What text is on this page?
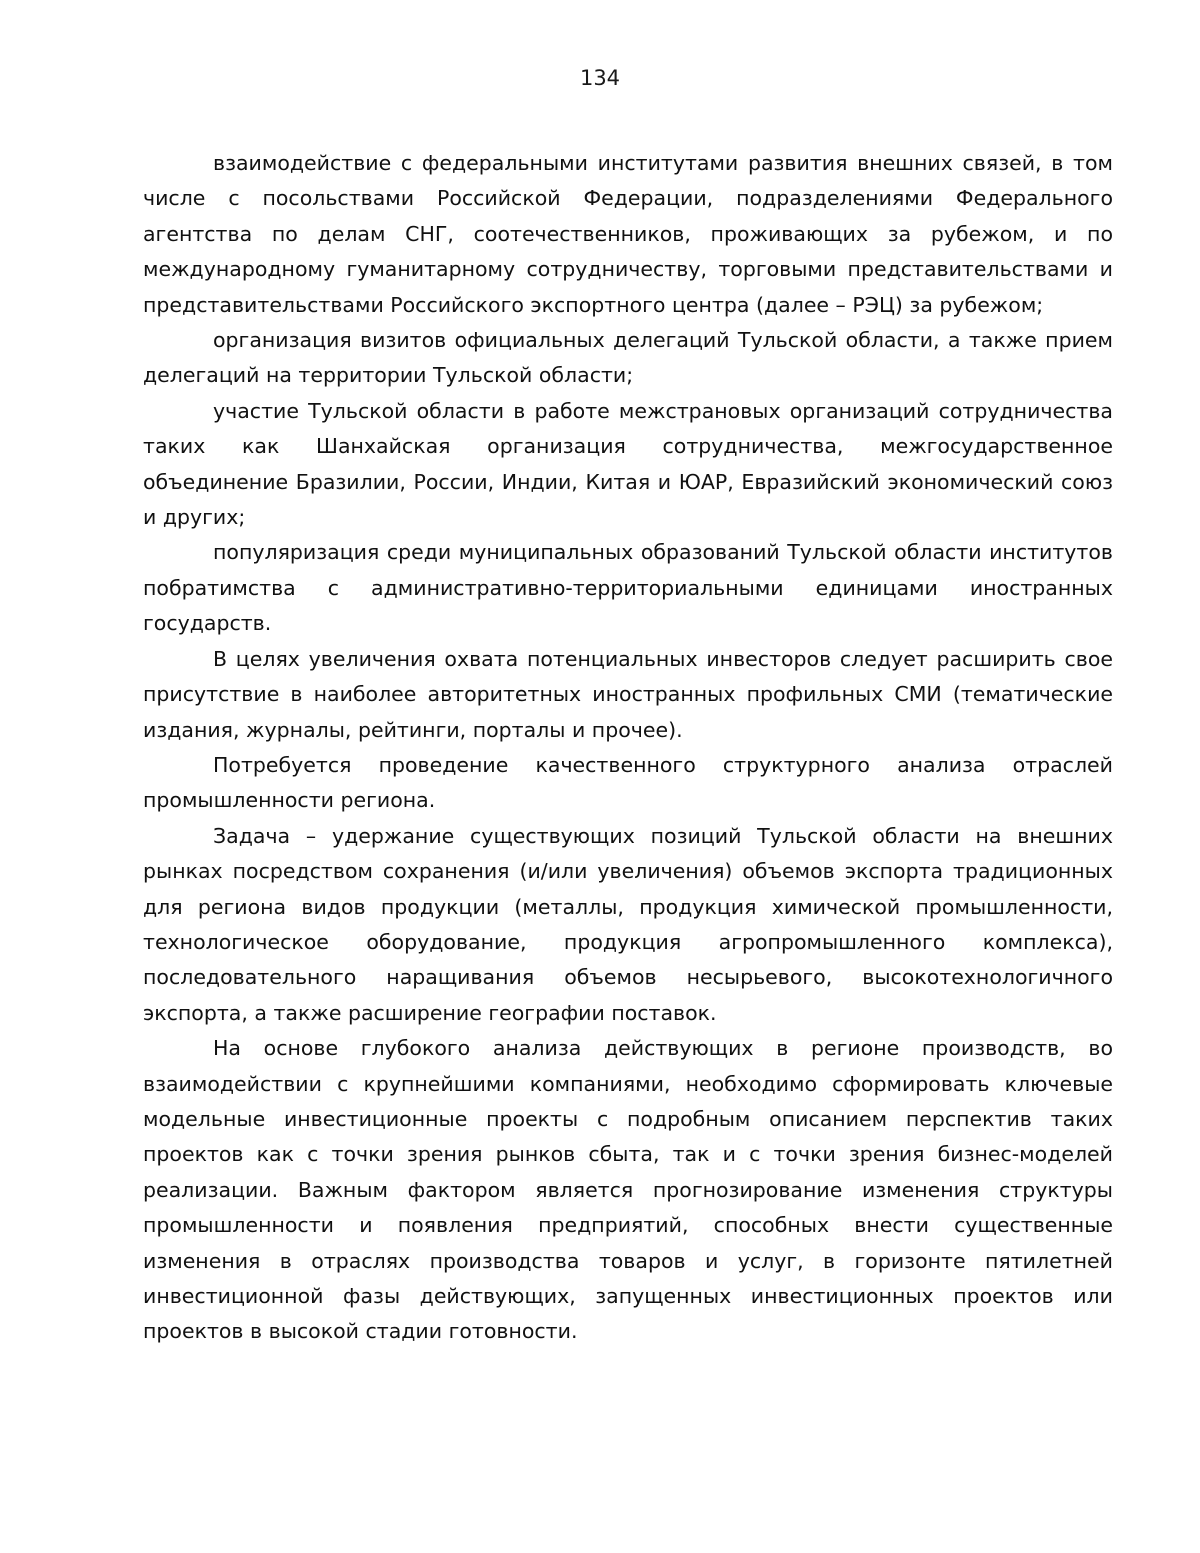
134

взаимодействие с федеральными институтами развития внешних связей, в том числе с посольствами Российской Федерации, подразделениями Федерального агентства по делам СНГ, соотечественников, проживающих за рубежом, и по международному гуманитарному сотрудничеству, торговыми представительствами и представительствами Российского экспортного центра (далее – РЭЦ) за рубежом;

организация визитов официальных делегаций Тульской области, а также прием делегаций на территории Тульской области;

участие Тульской области в работе межстрановых организаций сотрудничества таких как Шанхайская организация сотрудничества, межгосударственное объединение Бразилии, России, Индии, Китая и ЮАР, Евразийский экономический союз и других;

популяризация среди муниципальных образований Тульской области институтов побратимства с административно-территориальными единицами иностранных государств.

В целях увеличения охвата потенциальных инвесторов следует расширить свое присутствие в наиболее авторитетных иностранных профильных СМИ (тематические издания, журналы, рейтинги, порталы и прочее).

Потребуется проведение качественного структурного анализа отраслей промышленности региона.

Задача – удержание существующих позиций Тульской области на внешних рынках посредством сохранения (и/или увеличения) объемов экспорта традиционных для региона видов продукции (металлы, продукция химической промышленности, технологическое оборудование, продукция агропромышленного комплекса), последовательного наращивания объемов несырьевого, высокотехнологичного экспорта, а также расширение географии поставок.

На основе глубокого анализа действующих в регионе производств, во взаимодействии с крупнейшими компаниями, необходимо сформировать ключевые модельные инвестиционные проекты с подробным описанием перспектив таких проектов как с точки зрения рынков сбыта, так и с точки зрения бизнес-моделей реализации. Важным фактором является прогнозирование изменения структуры промышленности и появления предприятий, способных внести существенные изменения в отраслях производства товаров и услуг, в горизонте пятилетней инвестиционной фазы действующих, запущенных инвестиционных проектов или проектов в высокой стадии готовности.
